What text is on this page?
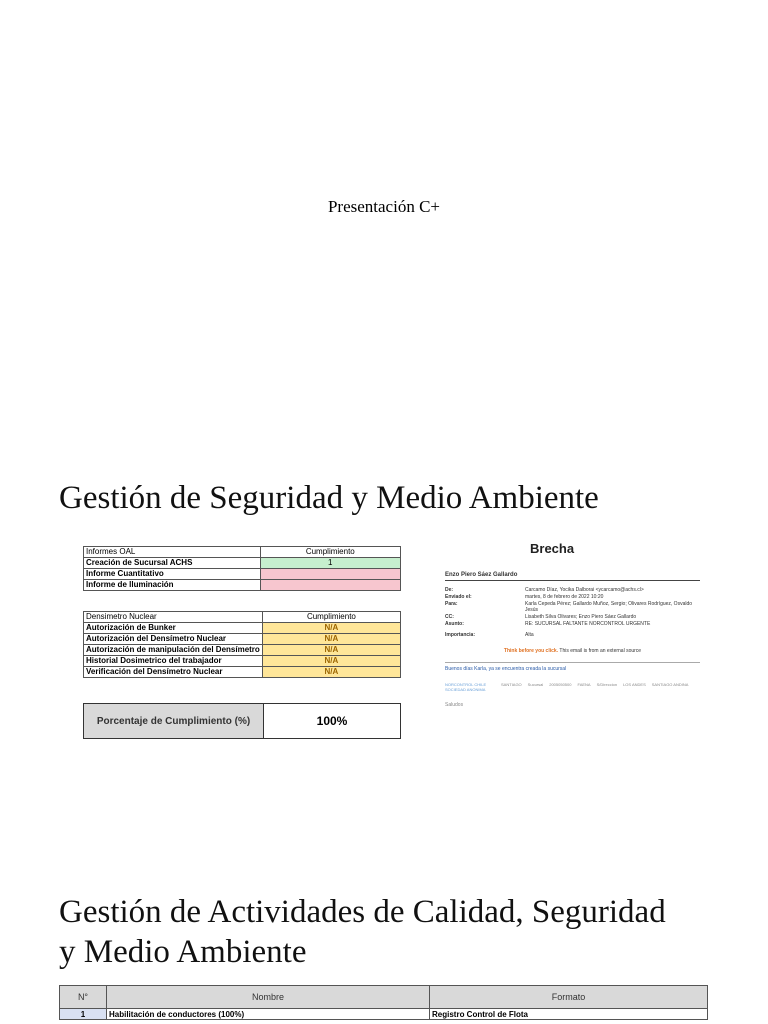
Presentación C+
Gestión de Seguridad y Medio Ambiente
Informes OAL	Cumplimiento
Creación de Sucursal ACHS	1
Informe Cuantitativo	
Informe de Iluminación	
Densimetro Nuclear	Cumplimiento
Autorización de Bunker	N/A
Autorización del Densímetro Nuclear	N/A
Autorización de manipulación del Densímetro	N/A
Historial Dosimetrico del trabajador	N/A
Verificación del Densímetro Nuclear	N/A
Porcentaje de Cumplimiento (%)	100%
Brecha
Enzo Piero Sáez Gallardo
De:	Carcamo Díaz, Yocika Dalborai <ycarcamo@achs.cl>
Enviado el:	martes, 8 de febrero de 2022 10:20
Para:	Karla Cepeda Pérez; Gallardo Muñoz, Sergio; Olivares Rodríguez, Osvaldo Jesús
CC:	Lisabeth Silva Olivares; Enzo Piero Sáez Gallardo
Asunto:	RE: SUCURSAL FALTANTE NORCONTROL URGENTE
Importancia:	Alta
Think before you click. This email is from an external source
Buenos días Karla, ya se encuentra creada la sucursal
NORCONTROL CHILE SOCIEDAD ANONIMA
SANTIAGO Sucursal 2005050500 FAENA S/Direccion LOS ANDES SANTIAGO ANDINA
Saludos
Gestión de Actividades de Calidad, Seguridad
y Medio Ambiente
N°	Nombre	Formato
1	Habilitación de conductores (100%)	Registro Control de Flota
